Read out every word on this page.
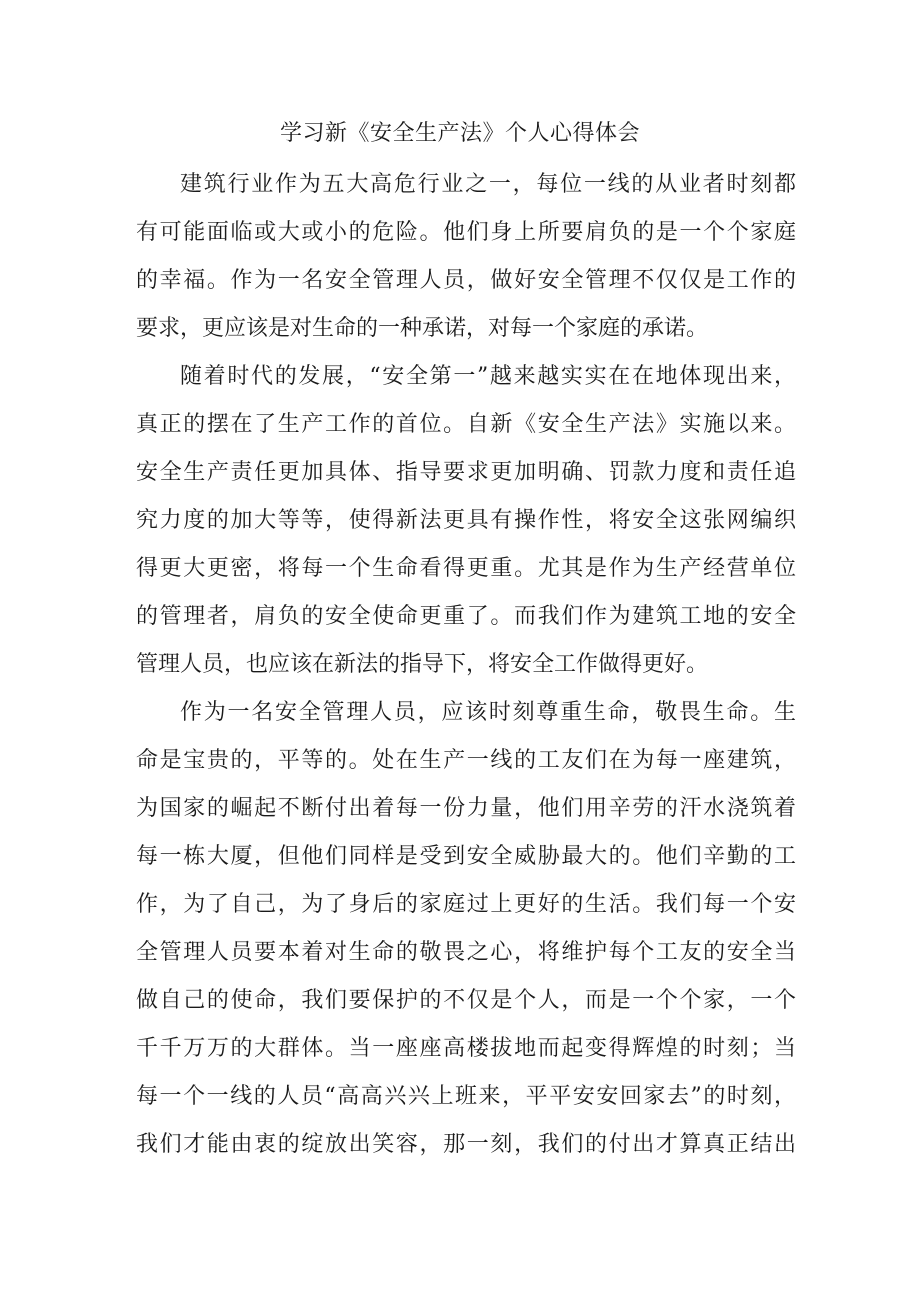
学习新《安全生产法》个人心得体会
建筑行业作为五大高危行业之一，每位一线的从业者时刻都
有可能面临或大或小的危险。他们身上所要肩负的是一个个家庭
的幸福。作为一名安全管理人员，做好安全管理不仅仅是工作的
要求，更应该是对生命的一种承诺，对每一个家庭的承诺。
随着时代的发展，“安全第一”越来越实实在在地体现出来，
真正的摆在了生产工作的首位。自新《安全生产法》实施以来。
安全生产责任更加具体、指导要求更加明确、罚款力度和责任追
究力度的加大等等，使得新法更具有操作性，将安全这张网编织
得更大更密，将每一个生命看得更重。尤其是作为生产经营单位
的管理者，肩负的安全使命更重了。而我们作为建筑工地的安全
管理人员，也应该在新法的指导下，将安全工作做得更好。
作为一名安全管理人员，应该时刻尊重生命，敬畏生命。生
命是宝贵的，平等的。处在生产一线的工友们在为每一座建筑，
为国家的崛起不断付出着每一份力量，他们用辛劳的汗水浇筑着
每一栋大厦，但他们同样是受到安全威胁最大的。他们辛勤的工
作，为了自己，为了身后的家庭过上更好的生活。我们每一个安
全管理人员要本着对生命的敬畏之心，将维护每个工友的安全当
做自己的使命，我们要保护的不仅是个人，而是一个个家，一个
千千万万的大群体。当一座座高楼拔地而起变得辉煌的时刻；当
每一个一线的人员“高高兴兴上班来，平平安安回家去”的时刻，
我们才能由衷的绽放出笑容，那一刻，我们的付出才算真正结出
